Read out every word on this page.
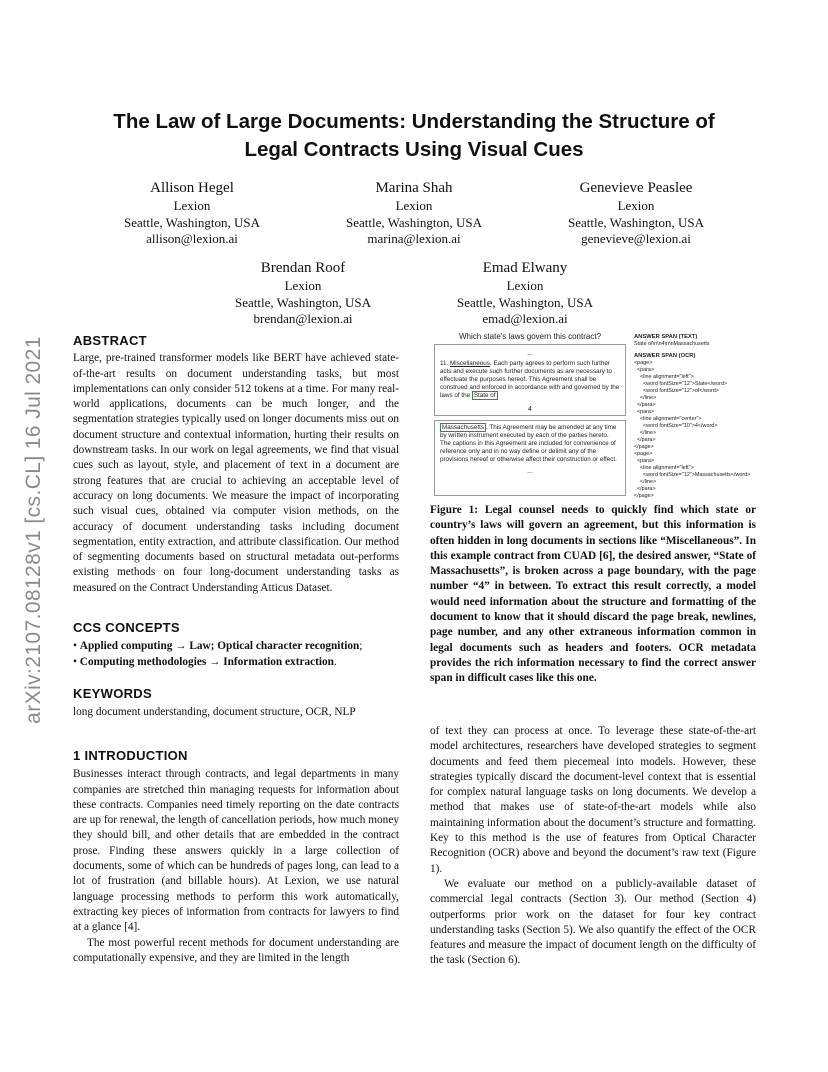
arXiv:2107.08128v1 [cs.CL] 16 Jul 2021
The Law of Large Documents: Understanding the Structure of
Legal Contracts Using Visual Cues
Allison Hegel
Lexion
Seattle, Washington, USA
allison@lexion.ai
Marina Shah
Lexion
Seattle, Washington, USA
marina@lexion.ai
Genevieve Peaslee
Lexion
Seattle, Washington, USA
genevieve@lexion.ai
Brendan Roof
Lexion
Seattle, Washington, USA
brendan@lexion.ai
Emad Elwany
Lexion
Seattle, Washington, USA
emad@lexion.ai
ABSTRACT

Large, pre-trained transformer models like BERT have achieved state-of-the-art results on document understanding tasks, but most implementations can only consider 512 tokens at a time. For many real-world applications, documents can be much longer, and the segmentation strategies typically used on longer documents miss out on document structure and contextual information, hurting their results on downstream tasks. In our work on legal agreements, we find that visual cues such as layout, style, and placement of text in a document are strong features that are crucial to achieving an acceptable level of accuracy on long documents. We measure the impact of incorporating such visual cues, obtained via computer vision methods, on the accuracy of document understanding tasks including document segmentation, entity extraction, and attribute classification. Our method of segmenting documents based on structural metadata out-performs existing methods on four long-document understanding tasks as measured on the Contract Understanding Atticus Dataset.

CCS CONCEPTS
• Applied computing → Law; Optical character recognition;
• Computing methodologies → Information extraction.
KEYWORDS

long document understanding, document structure, OCR, NLP

1 INTRODUCTION

Businesses interact through contracts, and legal departments in many companies are stretched thin managing requests for information about these contracts. Companies need timely reporting on the date contracts are up for renewal, the length of cancellation periods, how much money they should bill, and other details that are embedded in the contract prose. Finding these answers quickly in a large collection of documents, some of which can be hundreds of pages long, can lead to a lot of frustration (and billable hours). At Lexion, we use natural language processing methods to perform this work automatically, extracting key pieces of information from contracts for lawyers to find at a glance [4].

The most powerful recent methods for document understanding are computationally expensive, and they are limited in the length

Which state's laws govern this contract?
...
11. Miscellaneous. Each party agrees to perform such further acts and execute such further documents as are necessary to effectuate the purposes hereof. This Agreement shall be construed and enforced in accordance with and governed by the laws of the State of
4
Massachusetts . This Agreement may be amended at any time by written instrument executed by each of the parties hereto. The captions in this Agreement are included for convenience of reference only and in no way define or delimit any of the provisions hereof or otherwise affect their construction or effect.
...
ANSWER SPAN (TEXT)
State of\n\n4\n\nMassachusetts
ANSWER SPAN (OCR)
<page>
<para>
<line alignment="left">
<word fontSize="12">State</word>
<word fontSize="12">of</word>
</line>
</para>
<para>
<line alignment="center">
<word fontSize="10">4</word>
</line>
</para>
</page>
<page>
<para>
<line alignment="left">
<word fontSize="12">Massachusetts</word>
</line>
</para>
</page>
Figure 1: Legal counsel needs to quickly find which state or country’s laws will govern an agreement, but this information is often hidden in long documents in sections like “Miscellaneous”. In this example contract from CUAD [6], the desired answer, “State of Massachusetts”, is broken across a page boundary, with the page number “4” in between. To extract this result correctly, a model would need information about the structure and formatting of the document to know that it should discard the page break, newlines, page number, and any other extraneous information common in legal documents such as headers and footers. OCR metadata provides the rich information necessary to find the correct answer span in difficult cases like this one.

of text they can process at once. To leverage these state-of-the-art model architectures, researchers have developed strategies to segment documents and feed them piecemeal into models. However, these strategies typically discard the document-level context that is essential for complex natural language tasks on long documents. We develop a method that makes use of state-of-the-art models while also maintaining information about the document’s structure and formatting. Key to this method is the use of features from Optical Character Recognition (OCR) above and beyond the document’s raw text (Figure 1).

We evaluate our method on a publicly-available dataset of commercial legal contracts (Section 3). Our method (Section 4) outperforms prior work on the dataset for four key contract understanding tasks (Section 5). We also quantify the effect of the OCR features and measure the impact of document length on the difficulty of the task (Section 6).
